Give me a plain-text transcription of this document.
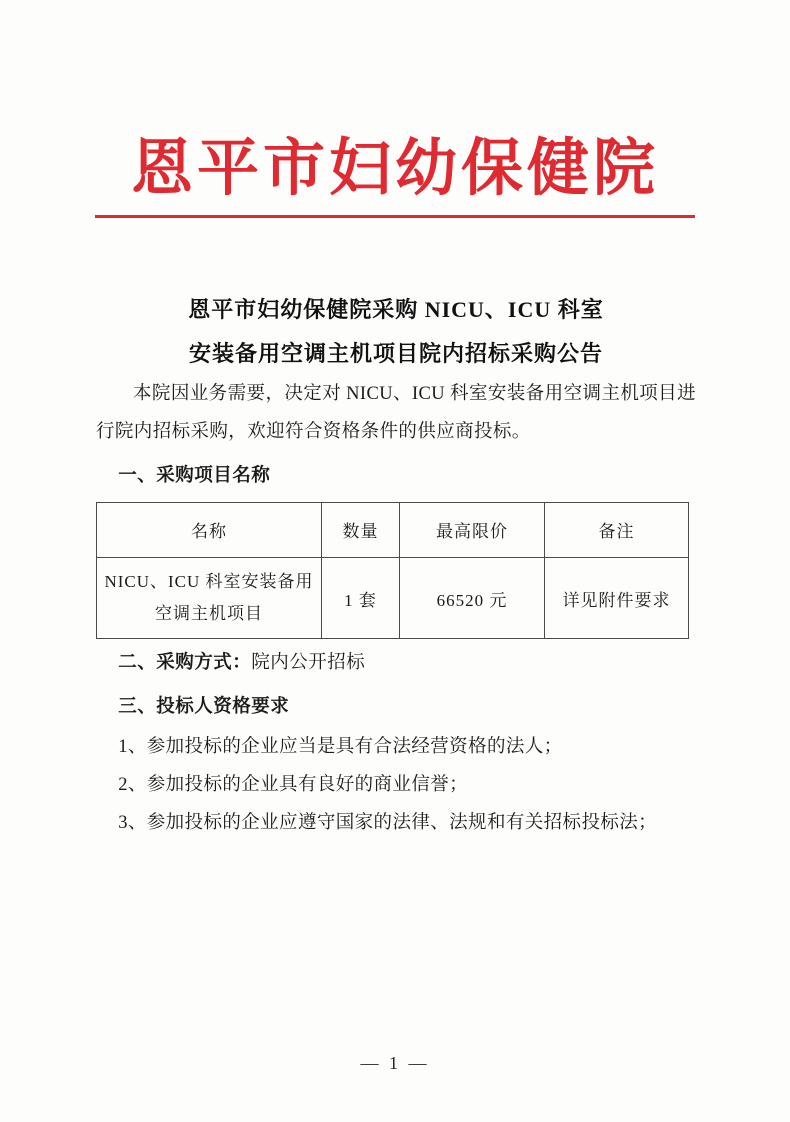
恩平市妇幼保健院
恩平市妇幼保健院采购 NICU、ICU 科室
安装备用空调主机项目院内招标采购公告

本院因业务需要，决定对 NICU、ICU 科室安装备用空调主机项目进行院内招标采购，欢迎符合资格条件的供应商投标。

一、采购项目名称
名称	数量	最高限价	备注
NICU、ICU 科室安装备用空调主机项目	1 套	66520 元	详见附件要求
二、采购方式：院内公开招标
三、投标人资格要求

1、参加投标的企业应当是具有合法经营资格的法人；

2、参加投标的企业具有良好的商业信誉；

3、参加投标的企业应遵守国家的法律、法规和有关招标投标法；

— 1 —
